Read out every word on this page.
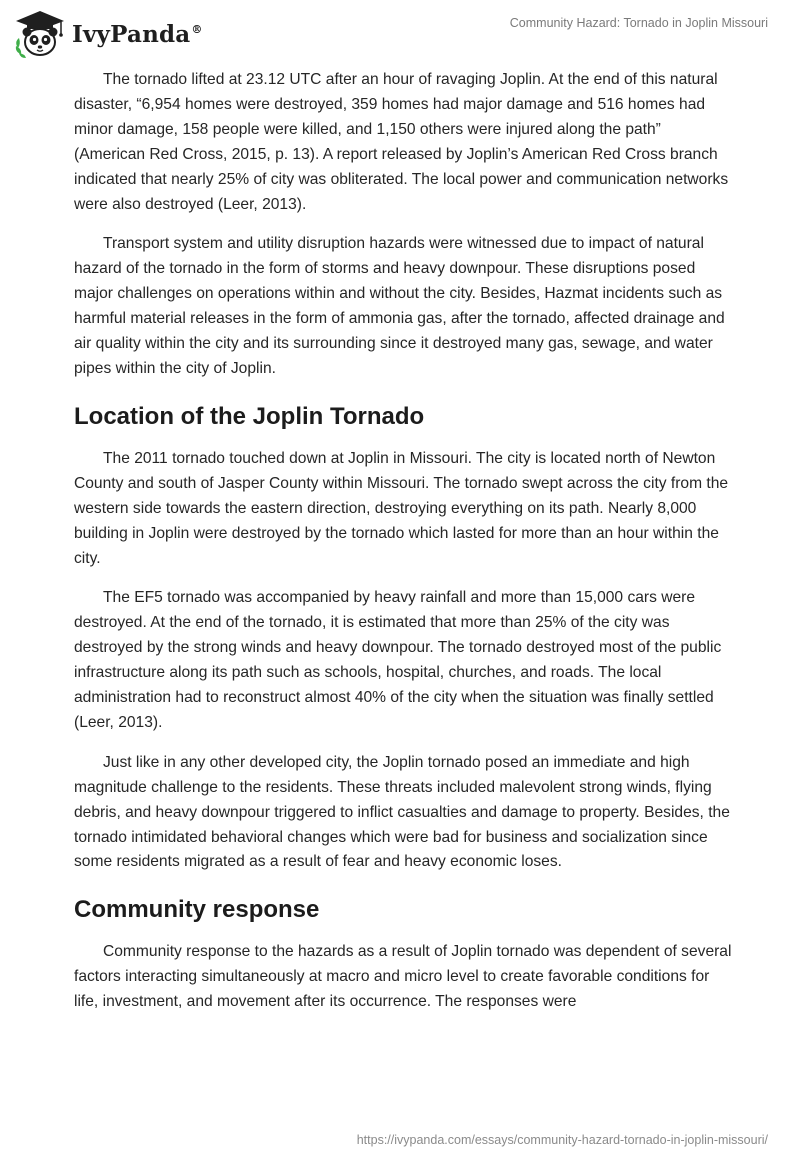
IvyPanda®	Community Hazard: Tornado in Joplin Missouri

The tornado lifted at 23.12 UTC after an hour of ravaging Joplin. At the end of this natural disaster, “6,954 homes were destroyed, 359 homes had major damage and 516 homes had minor damage, 158 people were killed, and 1,150 others were injured along the path” (American Red Cross, 2015, p. 13). A report released by Joplin’s American Red Cross branch indicated that nearly 25% of city was obliterated. The local power and communication networks were also destroyed (Leer, 2013).

Transport system and utility disruption hazards were witnessed due to impact of natural hazard of the tornado in the form of storms and heavy downpour. These disruptions posed major challenges on operations within and without the city. Besides, Hazmat incidents such as harmful material releases in the form of ammonia gas, after the tornado, affected drainage and air quality within the city and its surrounding since it destroyed many gas, sewage, and water pipes within the city of Joplin.

Location of the Joplin Tornado

The 2011 tornado touched down at Joplin in Missouri. The city is located north of Newton County and south of Jasper County within Missouri. The tornado swept across the city from the western side towards the eastern direction, destroying everything on its path. Nearly 8,000 building in Joplin were destroyed by the tornado which lasted for more than an hour within the city.

The EF5 tornado was accompanied by heavy rainfall and more than 15,000 cars were destroyed. At the end of the tornado, it is estimated that more than 25% of the city was destroyed by the strong winds and heavy downpour. The tornado destroyed most of the public infrastructure along its path such as schools, hospital, churches, and roads. The local administration had to reconstruct almost 40% of the city when the situation was finally settled (Leer, 2013).

Just like in any other developed city, the Joplin tornado posed an immediate and high magnitude challenge to the residents. These threats included malevolent strong winds, flying debris, and heavy downpour triggered to inflict casualties and damage to property. Besides, the tornado intimidated behavioral changes which were bad for business and socialization since some residents migrated as a result of fear and heavy economic loses.

Community response

Community response to the hazards as a result of Joplin tornado was dependent of several factors interacting simultaneously at macro and micro level to create favorable conditions for life, investment, and movement after its occurrence. The responses were

https://ivypanda.com/essays/community-hazard-tornado-in-joplin-missouri/
